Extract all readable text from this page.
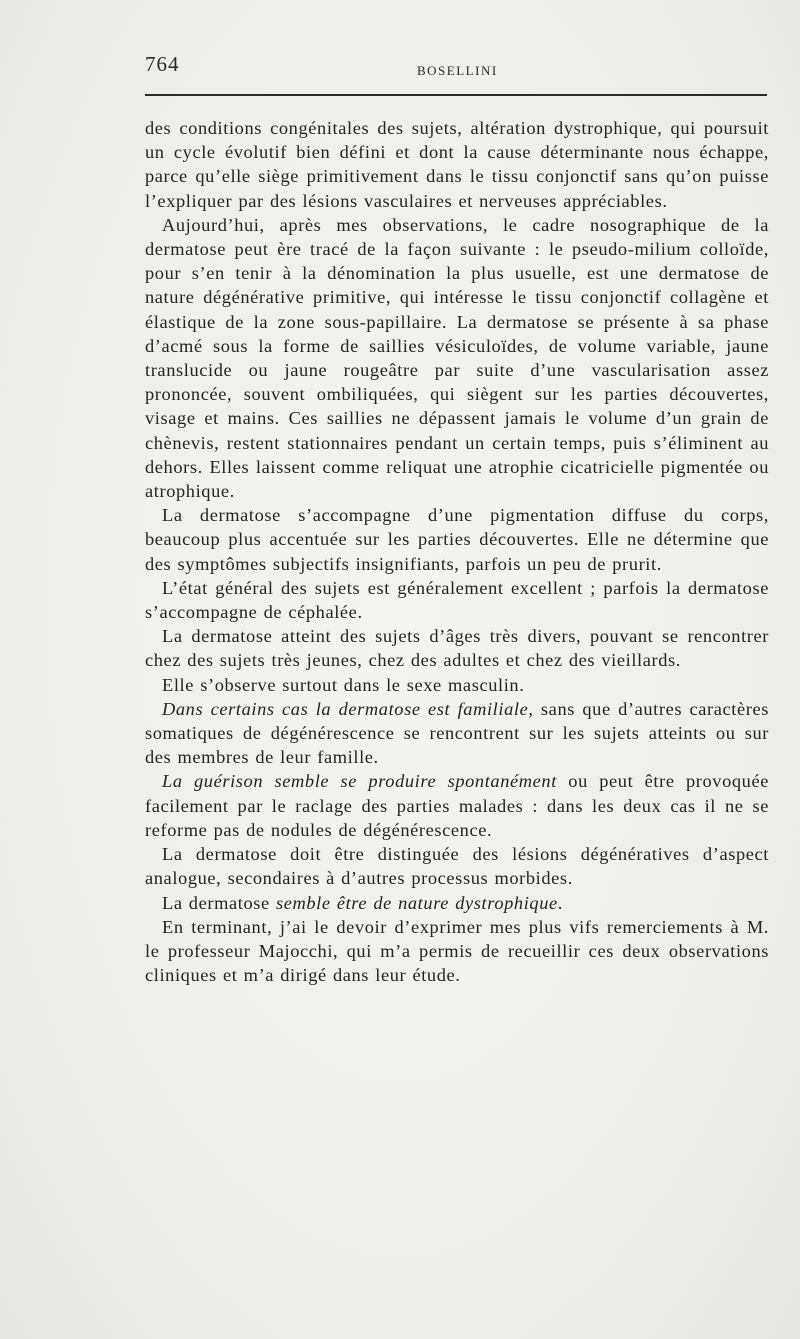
764	BOSELLINI

des conditions congénitales des sujets, altération dystrophique, qui poursuit un cycle évolutif bien défini et dont la cause déterminante nous échappe, parce qu’elle siège primitivement dans le tissu conjonctif sans qu’on puisse l’expliquer par des lésions vasculaires et nerveuses appréciables.

Aujourd’hui, après mes observations, le cadre nosographique de la dermatose peut ère tracé de la façon suivante : le pseudo-milium colloïde, pour s’en tenir à la dénomination la plus usuelle, est une dermatose de nature dégénérative primitive, qui intéresse le tissu conjonctif collagène et élastique de la zone sous-papillaire. La dermatose se présente à sa phase d’acmé sous la forme de saillies vésiculoïdes, de volume variable, jaune translucide ou jaune rougeâtre par suite d’une vascularisation assez prononcée, souvent ombiliquées, qui siègent sur les parties découvertes, visage et mains. Ces saillies ne dépassent jamais le volume d’un grain de chènevis, restent stationnaires pendant un certain temps, puis s’éliminent au dehors. Elles laissent comme reliquat une atrophie cicatricielle pigmentée ou atrophique.

La dermatose s’accompagne d’une pigmentation diffuse du corps, beaucoup plus accentuée sur les parties découvertes. Elle ne détermine que des symptômes subjectifs insignifiants, parfois un peu de prurit.

L’état général des sujets est généralement excellent ; parfois la dermatose s’accompagne de céphalée.

La dermatose atteint des sujets d’âges très divers, pouvant se rencontrer chez des sujets très jeunes, chez des adultes et chez des vieillards.

Elle s’observe surtout dans le sexe masculin.

Dans certains cas la dermatose est familiale, sans que d’autres caractères somatiques de dégénérescence se rencontrent sur les sujets atteints ou sur des membres de leur famille.

La guérison semble se produire spontanément ou peut être provoquée facilement par le raclage des parties malades : dans les deux cas il ne se reforme pas de nodules de dégénérescence.

La dermatose doit être distinguée des lésions dégénératives d’aspect analogue, secondaires à d’autres processus morbides.

La dermatose semble être de nature dystrophique.

En terminant, j’ai le devoir d’exprimer mes plus vifs remerciements à M. le professeur Majocchi, qui m’a permis de recueillir ces deux observations cliniques et m’a dirigé dans leur étude.
